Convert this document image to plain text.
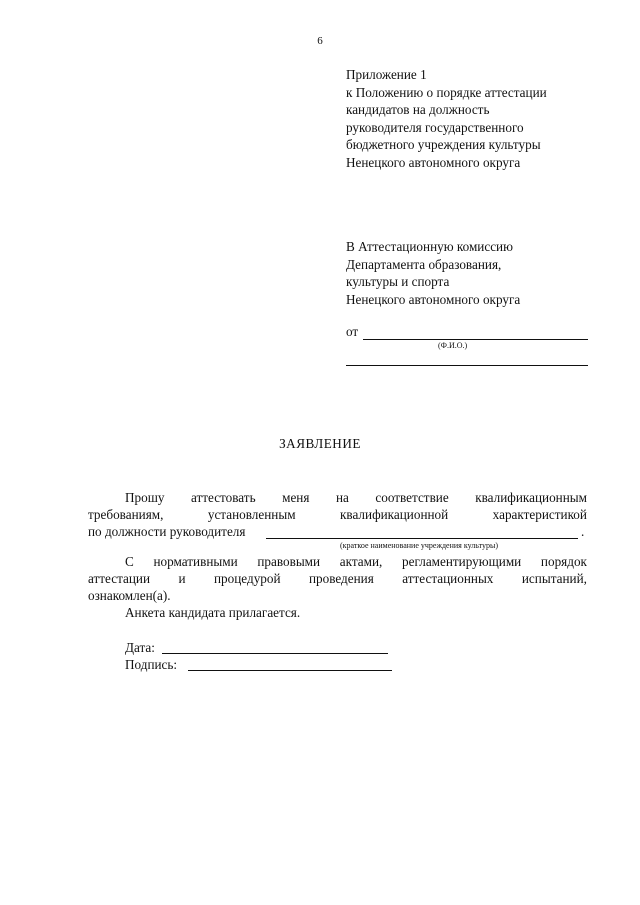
6
Приложение 1
к Положению о порядке аттестации
кандидатов на должность
руководителя государственного
бюджетного учреждения культуры
Ненецкого автономного округа
В Аттестационную комиссию
Департамента образования,
культуры и спорта
Ненецкого автономного округа
от
(Ф.И.О.)
ЗАЯВЛЕНИЕ
Прошу аттестовать меня на соответствие квалификационным
требованиям,	установленным	квалификационной	характеристикой
по должности руководителя	.
(краткое наименование учреждения культуры)
С нормативными правовыми актами, регламентирующими порядок
аттестации и процедурой проведения аттестационных испытаний,
ознакомлен(а).
Анкета кандидата прилагается.
Дата:
Подпись:
